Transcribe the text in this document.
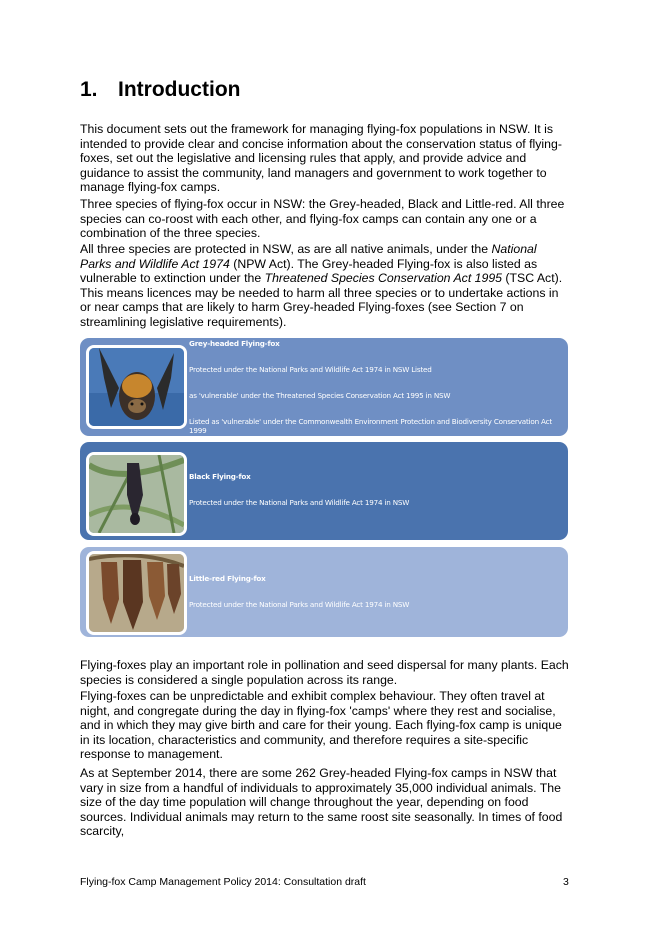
1. Introduction

This document sets out the framework for managing flying-fox populations in NSW. It is intended to provide clear and concise information about the conservation status of flying-foxes, set out the legislative and licensing rules that apply, and provide advice and guidance to assist the community, land managers and government to work together to manage flying-fox camps.

Three species of flying-fox occur in NSW: the Grey-headed, Black and Little-red. All three species can co-roost with each other, and flying-fox camps can contain any one or a combination of the three species.

All three species are protected in NSW, as are all native animals, under the National Parks and Wildlife Act 1974 (NPW Act). The Grey-headed Flying-fox is also listed as vulnerable to extinction under the Threatened Species Conservation Act 1995 (TSC Act). This means licences may be needed to harm all three species or to undertake actions in or near camps that are likely to harm Grey-headed Flying-foxes (see Section 7 on streamlining legislative requirements).

Grey-headed Flying-fox
Protected under the National Parks and Wildlife Act 1974 in NSW Listed
as 'vulnerable' under the Threatened Species Conservation Act 1995 in NSW
Listed as 'vulnerable' under the Commonwealth Environment Protection and Biodiversity Conservation Act 1999
Black Flying-fox
Protected under the National Parks and Wildlife Act 1974 in NSW
Little-red Flying-fox
Protected under the National Parks and Wildlife Act 1974 in NSW

Flying-foxes play an important role in pollination and seed dispersal for many plants. Each species is considered a single population across its range.

Flying-foxes can be unpredictable and exhibit complex behaviour. They often travel at night, and congregate during the day in flying-fox 'camps' where they rest and socialise, and in which they may give birth and care for their young. Each flying-fox camp is unique in its location, characteristics and community, and therefore requires a site-specific response to management.

As at September 2014, there are some 262 Grey-headed Flying-fox camps in NSW that vary in size from a handful of individuals to approximately 35,000 individual animals. The size of the day time population will change throughout the year, depending on food sources. Individual animals may return to the same roost site seasonally. In times of food scarcity,

Flying-fox Camp Management Policy 2014: Consultation draft	3
